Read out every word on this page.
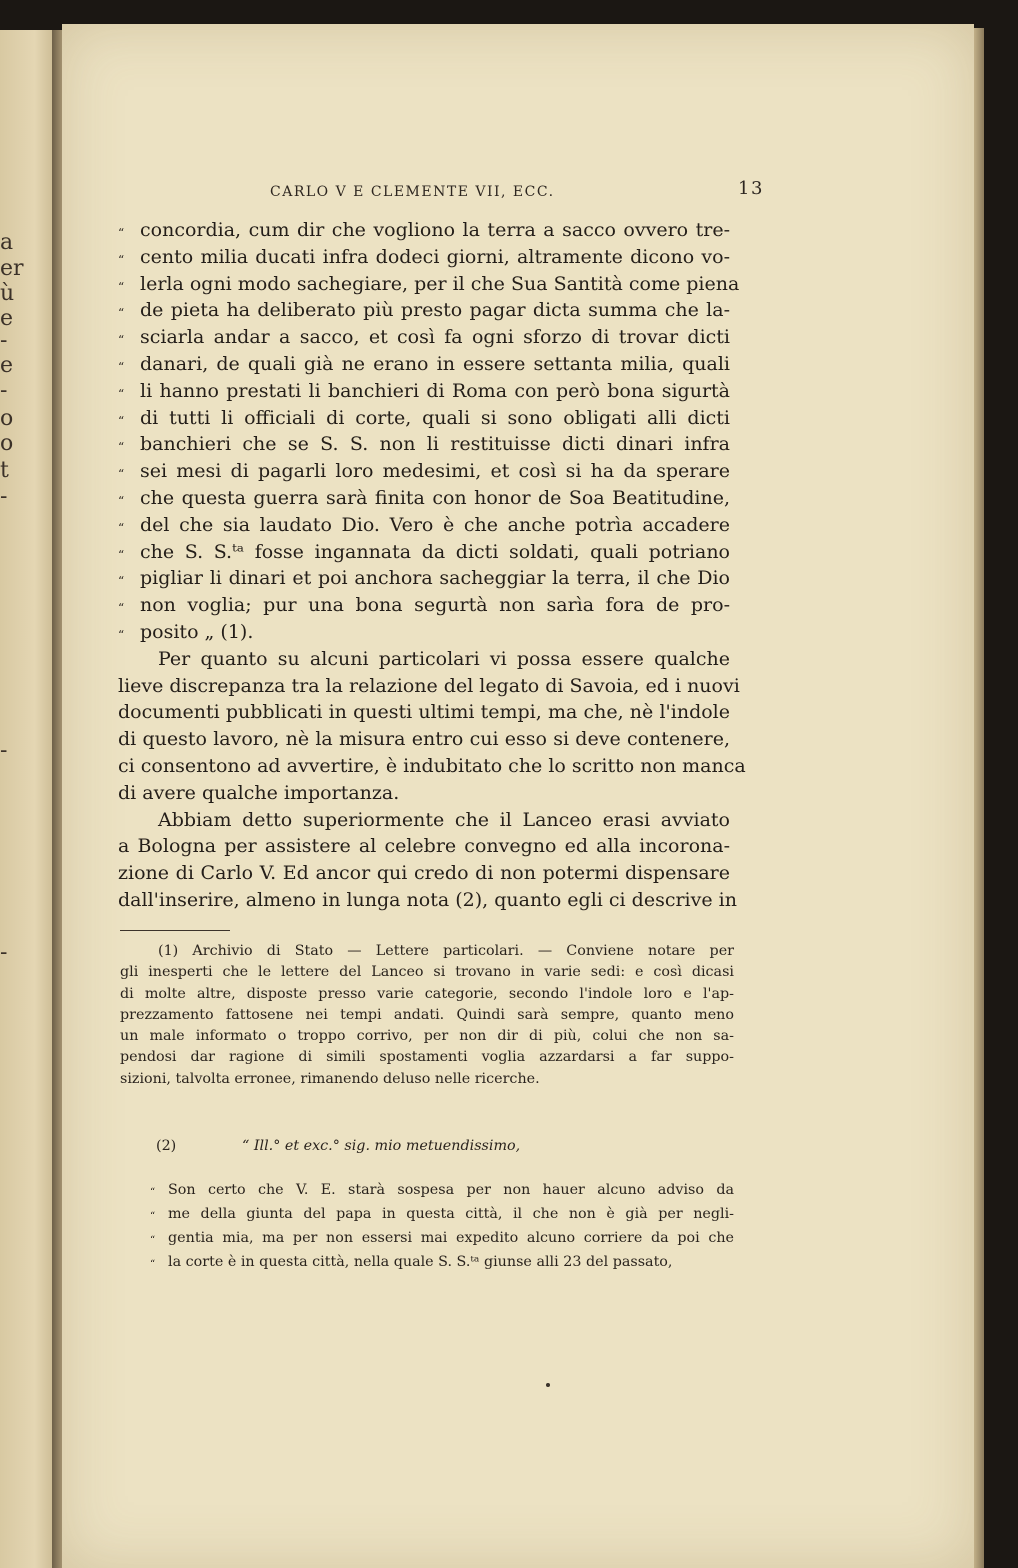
a
er
ù
e
-
e
-
o
o
t
-
-
-
CARLO V E CLEMENTE VII, ECC.	13
“ concordia, cum dir che vogliono la terra a sacco ovvero tre-
“ cento milia ducati infra dodeci giorni, altramente dicono vo-
“ lerla ogni modo sachegiare, per il che Sua Santità come piena
“ de pieta ha deliberato più presto pagar dicta summa che la-
“ sciarla andar a sacco, et così fa ogni sforzo di trovar dicti
“ danari, de quali già ne erano in essere settanta milia, quali
“ li hanno prestati li banchieri di Roma con però bona sigurtà
“ di tutti li officiali di corte, quali si sono obligati alli dicti
“ banchieri che se S. S. non li restituisse dicti dinari infra
“ sei mesi di pagarli loro medesimi, et così si ha da sperare
“ che questa guerra sarà finita con honor de Soa Beatitudine,
“ del che sia laudato Dio. Vero è che anche potrìa accadere
“ che S. S.ᵗᵃ fosse ingannata da dicti soldati, quali potriano
“ pigliar li dinari et poi anchora sacheggiar la terra, il che Dio
“ non voglia; pur una bona segurtà non sarìa fora de pro-
“ posito „ (1).
Per quanto su alcuni particolari vi possa essere qualche
lieve discrepanza tra la relazione del legato di Savoia, ed i nuovi
documenti pubblicati in questi ultimi tempi, ma che, nè l'indole
di questo lavoro, nè la misura entro cui esso si deve contenere,
ci consentono ad avvertire, è indubitato che lo scritto non manca
di avere qualche importanza.
Abbiam detto superiormente che il Lanceo erasi avviato
a Bologna per assistere al celebre convegno ed alla incorona-
zione di Carlo V. Ed ancor qui credo di non potermi dispensare
dall'inserire, almeno in lunga nota (2), quanto egli ci descrive in
(1) Archivio di Stato — Lettere particolari. — Conviene notare per
gli inesperti che le lettere del Lanceo si trovano in varie sedi: e così dicasi
di molte altre, disposte presso varie categorie, secondo l'indole loro e l'ap-
prezzamento fattosene nei tempi andati. Quindi sarà sempre, quanto meno
un male informato o troppo corrivo, per non dir di più, colui che non sa-
pendosi dar ragione di simili spostamenti voglia azzardarsi a far suppo-
sizioni, talvolta erronee, rimanendo deluso nelle ricerche.
(2)	“ Ill.° et exc.° sig. mio metuendissimo,
“ Son certo che V. E. starà sospesa per non hauer alcuno adviso da
“ me della giunta del papa in questa città, il che non è già per negli-
“ gentia mia, ma per non essersi mai expedito alcuno corriere da poi che
“ la corte è in questa città, nella quale S. S.ᵗᵃ giunse alli 23 del passato,
